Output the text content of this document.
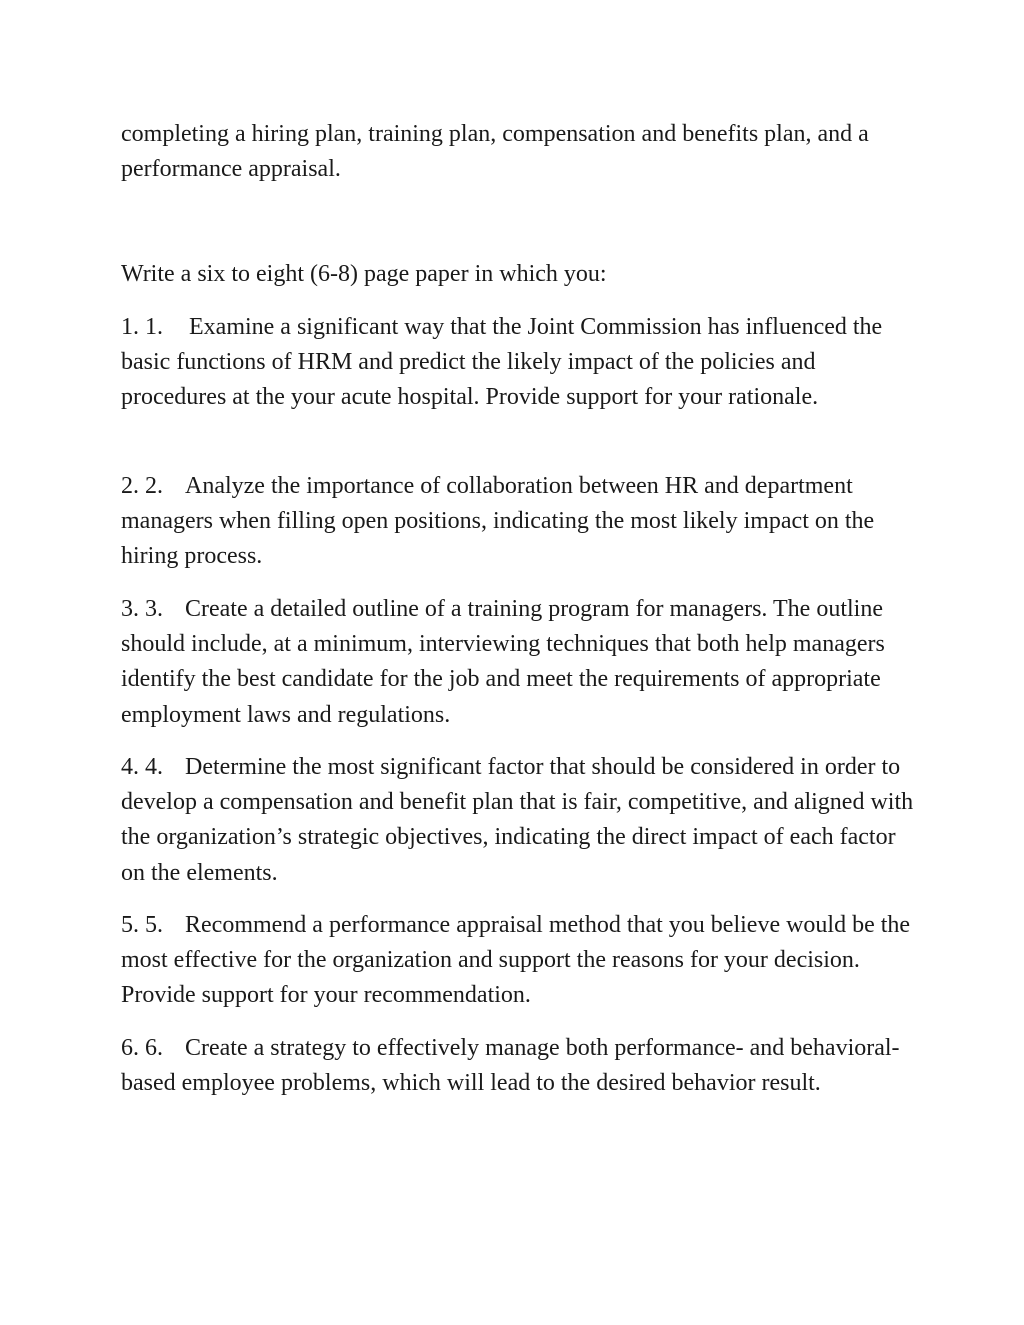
completing a hiring plan, training plan, compensation and benefits plan, and a performance appraisal.
Write a six to eight (6-8) page paper in which you:
1. 1. Examine a significant way that the Joint Commission has influenced the basic functions of HRM and predict the likely impact of the policies and procedures at the your acute hospital. Provide support for your rationale.
2. 2. Analyze the importance of collaboration between HR and department managers when filling open positions, indicating the most likely impact on the hiring process.
3. 3. Create a detailed outline of a training program for managers. The outline should include, at a minimum, interviewing techniques that both help managers identify the best candidate for the job and meet the requirements of appropriate employment laws and regulations.
4. 4. Determine the most significant factor that should be considered in order to develop a compensation and benefit plan that is fair, competitive, and aligned with the organization’s strategic objectives, indicating the direct impact of each factor on the elements.
5. 5. Recommend a performance appraisal method that you believe would be the most effective for the organization and support the reasons for your decision. Provide support for your recommendation.
6. 6. Create a strategy to effectively manage both performance- and behavioral-based employee problems, which will lead to the desired behavior result.
